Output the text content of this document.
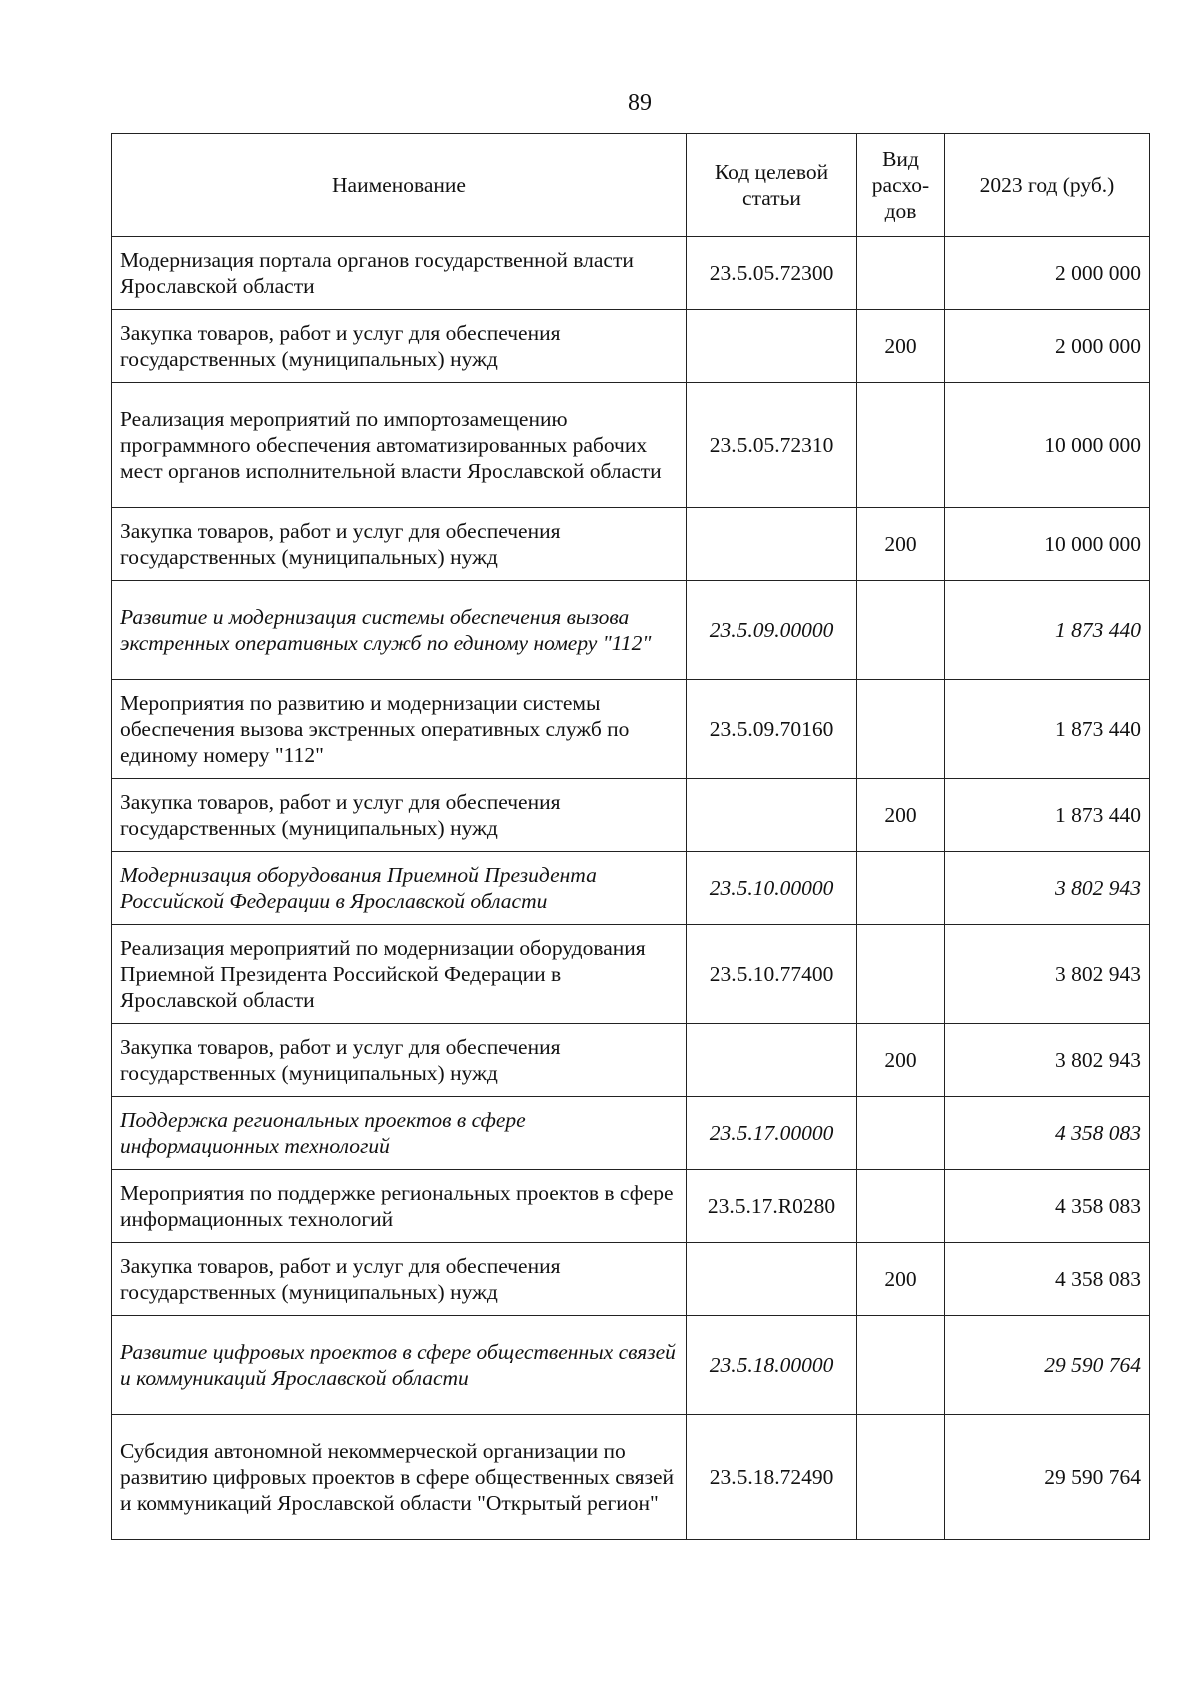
89
Наименование	Код целевой статьи	Вид расхо- дов	2023 год (руб.)
Модернизация портала органов государственной власти Ярославской области	23.5.05.72300		2 000 000
Закупка товаров, работ и услуг для обеспечения государственных (муниципальных) нужд		200	2 000 000
Реализация мероприятий по импортозамещению программного обеспечения автоматизированных рабочих мест органов исполнительной власти Ярославской области	23.5.05.72310		10 000 000
Закупка товаров, работ и услуг для обеспечения государственных (муниципальных) нужд		200	10 000 000
Развитие и модернизация системы обеспечения вызова экстренных оперативных служб по единому номеру "112"	23.5.09.00000		1 873 440
Мероприятия по развитию и модернизации системы обеспечения вызова экстренных оперативных служб по единому номеру "112"	23.5.09.70160		1 873 440
Закупка товаров, работ и услуг для обеспечения государственных (муниципальных) нужд		200	1 873 440
Модернизация оборудования Приемной Президента Российской Федерации в Ярославской области	23.5.10.00000		3 802 943
Реализация мероприятий по модернизации оборудования Приемной Президента Российской Федерации в Ярославской области	23.5.10.77400		3 802 943
Закупка товаров, работ и услуг для обеспечения государственных (муниципальных) нужд		200	3 802 943
Поддержка региональных проектов в сфере информационных технологий	23.5.17.00000		4 358 083
Мероприятия по поддержке региональных проектов в сфере информационных технологий	23.5.17.R0280		4 358 083
Закупка товаров, работ и услуг для обеспечения государственных (муниципальных) нужд		200	4 358 083
Развитие цифровых проектов в сфере общественных связей и коммуникаций Ярославской области	23.5.18.00000		29 590 764
Субсидия автономной некоммерческой организации по развитию цифровых проектов в сфере общественных связей и коммуникаций Ярославской области "Открытый регион"	23.5.18.72490		29 590 764
